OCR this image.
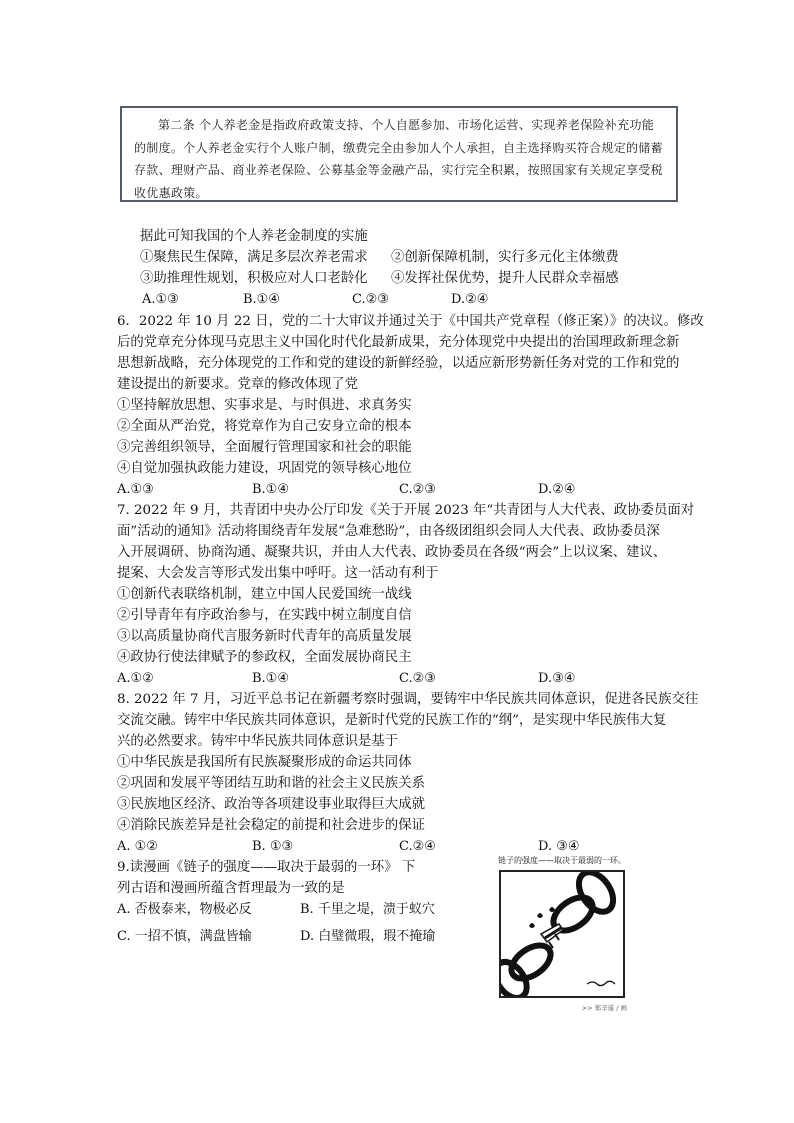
第二条 个人养老金是指政府政策支持、个人自愿参加、市场化运营、实现养老保险补充功能的制度。个人养老金实行个人账户制，缴费完全由参加人个人承担，自主选择购买符合规定的储蓄存款、理财产品、商业养老保险、公募基金等金融产品，实行完全积累，按照国家有关规定享受税收优惠政策。

据此可知我国的个人养老金制度的实施
①聚焦民生保障，满足多层次养老需求 ②创新保障机制，实行多元化主体缴费
③助推理性规划，积极应对人口老龄化 ④发挥社保优势，提升人民群众幸福感
A.①③	B.①④	C.②③	D.②④
6．2022 年 10 月 22 日，党的二十大审议并通过关于《中国共产党章程（修正案）》的决议。修改
后的党章充分体现马克思主义中国化时代化最新成果，充分体现党中央提出的治国理政新理念新
思想新战略，充分体现党的工作和党的建设的新鲜经验，以适应新形势新任务对党的工作和党的
建设提出的新要求。党章的修改体现了党
①坚持解放思想、实事求是、与时俱进、求真务实
②全面从严治党，将党章作为自己安身立命的根本
③完善组织领导，全面履行管理国家和社会的职能
④自觉加强执政能力建设，巩固党的领导核心地位
A.①③	B.①④	C.②③	D.②④
7. 2022 年 9 月，共青团中央办公厅印发《关于开展 2023 年“共青团与人大代表、政协委员面对
面”活动的通知》活动将围绕青年发展“急难愁盼”，由各级团组织会同人大代表、政协委员深
入开展调研、协商沟通、凝聚共识，并由人大代表、政协委员在各级“两会”上以议案、建议、
提案、大会发言等形式发出集中呼吁。这一活动有利于
①创新代表联络机制，建立中国人民爱国统一战线
②引导青年有序政治参与，在实践中树立制度自信
③以高质量协商代言服务新时代青年的高质量发展
④政协行使法律赋予的参政权，全面发展协商民主
A.①②	B.①④	C.②③	D.③④
8. 2022 年 7 月，习近平总书记在新疆考察时强调，要铸牢中华民族共同体意识，促进各民族交往
交流交融。铸牢中华民族共同体意识，是新时代党的民族工作的“纲”，是实现中华民族伟大复
兴的必然要求。铸牢中华民族共同体意识是基于
①中华民族是我国所有民族凝聚形成的命运共同体
②巩固和发展平等团结互助和谐的社会主义民族关系
③民族地区经济、政治等各项建设事业取得巨大成就
④消除民族差异是社会稳定的前提和社会进步的保证
A. ①②	B. ①③	C.②④	D. ③④
9.读漫画《链子的强度——取决于最弱的一环》 下
列古语和漫画所蕴含哲理最为一致的是
A. 否极泰来，物极必反	B. 千里之堤，溃于蚁穴
C. 一招不慎，满盘皆输	D. 白璧微瑕，瑕不掩瑜
链子的强度——取决于最弱的一环。
>> 郑辛遥 / 画
